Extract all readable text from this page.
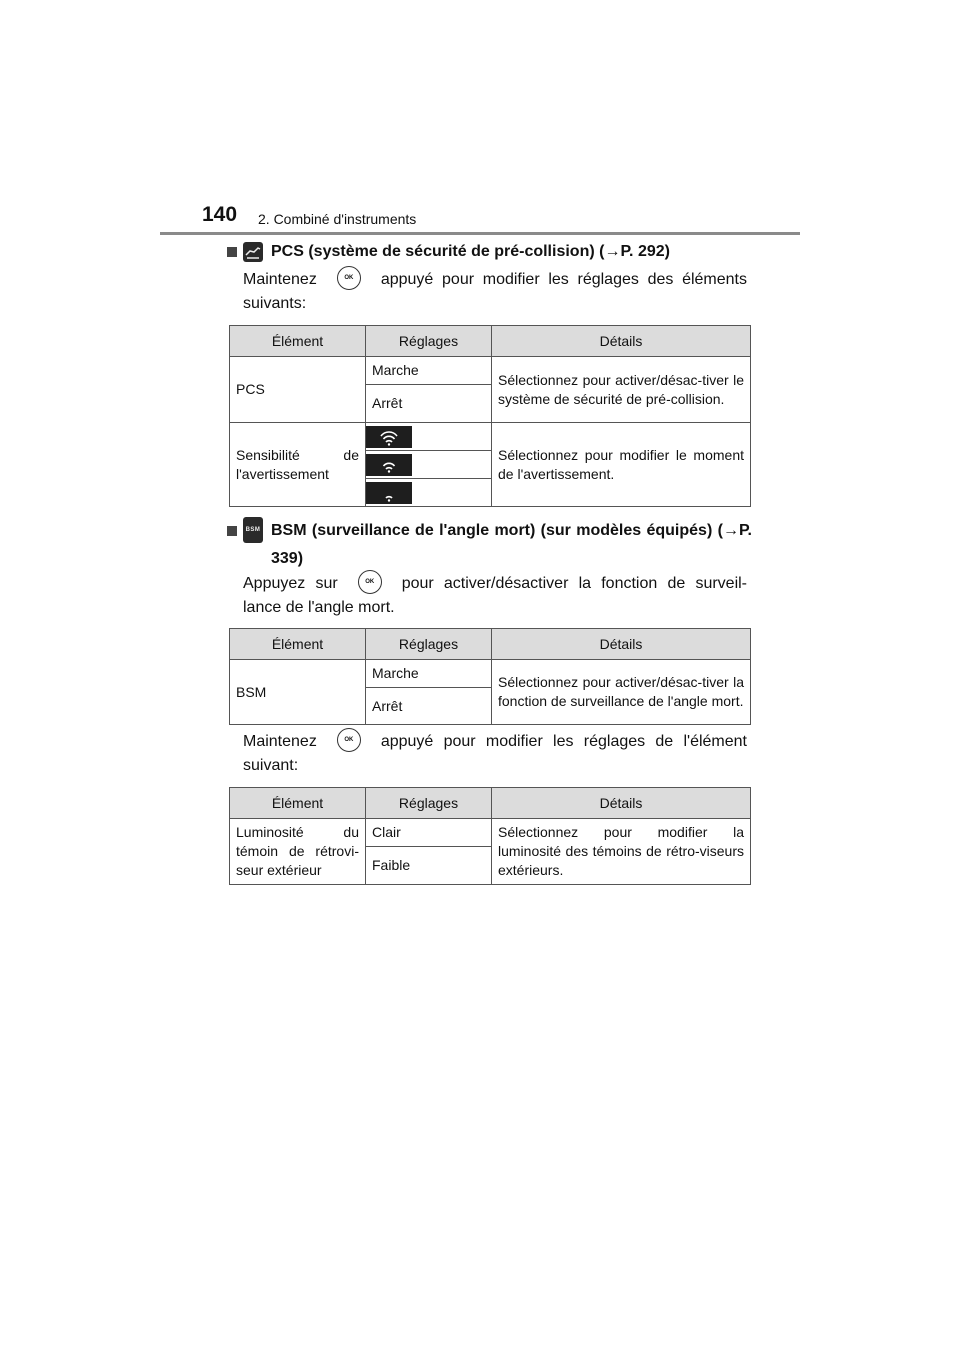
140 2. Combiné d'instruments
PCS (système de sécurité de pré-collision) (→P. 292)
Maintenez	OK appuyé pour modifier les réglages des éléments suivants:
Élément	Réglages	Détails
PCS	Marche	Sélectionnez pour activer/désac-tiver le système de sécurité de pré-collision.
	Arrêt	
Sensibilité de l'avertissement		Sélectionnez pour modifier le moment de l'avertissement.

BSM BSM (surveillance de l'angle mort) (sur modèles équipés) (→P. 339)
Appuyez sur	OK pour activer/désactiver la fonction de surveil-lance de l'angle mort.
Élément	Réglages	Détails
BSM	Marche	Sélectionnez pour activer/désac-tiver la fonction de surveillance de l'angle mort.
	Arrêt	
Maintenez	OK appuyé pour modifier les réglages de l'élément suivant:
Élément	Réglages	Détails
Luminosité du témoin de rétrovi-seur extérieur	Clair	Sélectionnez pour modifier la luminosité des témoins de rétro-viseurs extérieurs.
	Faible	
